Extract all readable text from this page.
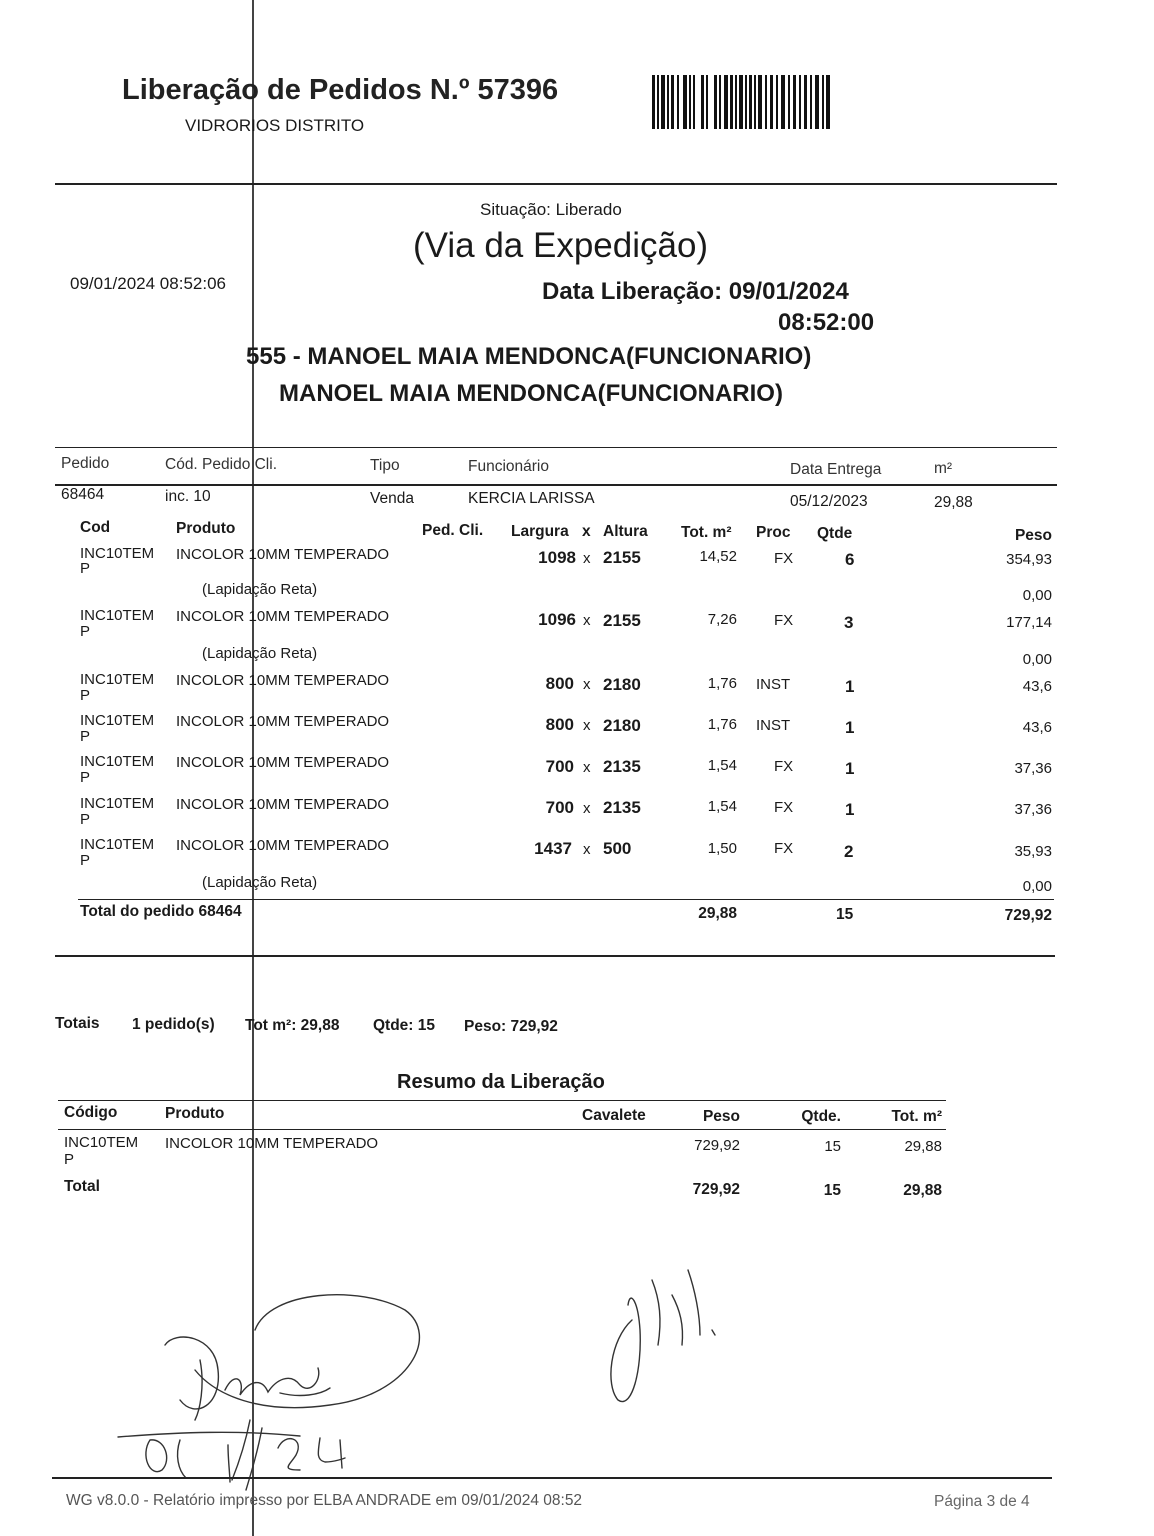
Liberação de Pedidos N.º 57396
VIDRORIOS DISTRITO
Situação: Liberado
(Via da Expedição)
09/01/2024 08:52:06	Data Liberação: 09/01/2024
08:52:00
555 - MANOEL MAIA MENDONCA(FUNCIONARIO)
MANOEL MAIA MENDONCA(FUNCIONARIO)
Pedido	Cód. Pedido Cli.	Tipo	Funcionário	Data Entrega	m²
68464	inc. 10	Venda	KERCIA LARISSA	05/12/2023	29,88
Cod	Produto	Ped. Cli. Largura x Altura Tot. m² Proc Qtde	Peso
INC10TEM
P
INCOLOR 10MM TEMPERADO	1098 x 2155	14,52 FX	6	354,93
(Lapidação Reta)	0,00
INC10TEM
P
INCOLOR 10MM TEMPERADO	1096 x 2155	7,26 FX	3	177,14
(Lapidação Reta)	0,00
INC10TEM
P
INCOLOR 10MM TEMPERADO	800 x 2180	1,76 INST	1	43,6
INC10TEM
P
INCOLOR 10MM TEMPERADO	800 x 2180	1,76 INST	1	43,6
INC10TEM
P
INCOLOR 10MM TEMPERADO	700 x 2135	1,54 FX	1	37,36
INC10TEM
P
INCOLOR 10MM TEMPERADO	700 x 2135	1,54 FX	1	37,36
INC10TEM
P
INCOLOR 10MM TEMPERADO	1437 x 500	1,50 FX	2	35,93
(Lapidação Reta)	0,00
Total do pedido 68464	29,88	15	729,92
Totais 1 pedido(s) Tot m²: 29,88 Qtde: 15 Peso: 729,92
Resumo da Liberação
Código	Produto	Cavalete	Peso	Qtde.	Tot. m²
INC10TEM
P
INCOLOR 10MM TEMPERADO	729,92	15	29,88
Total	729,92	15	29,88
WG v8.0.0 - Relatório impresso por ELBA ANDRADE em 09/01/2024 08:52	Página 3 de 4
